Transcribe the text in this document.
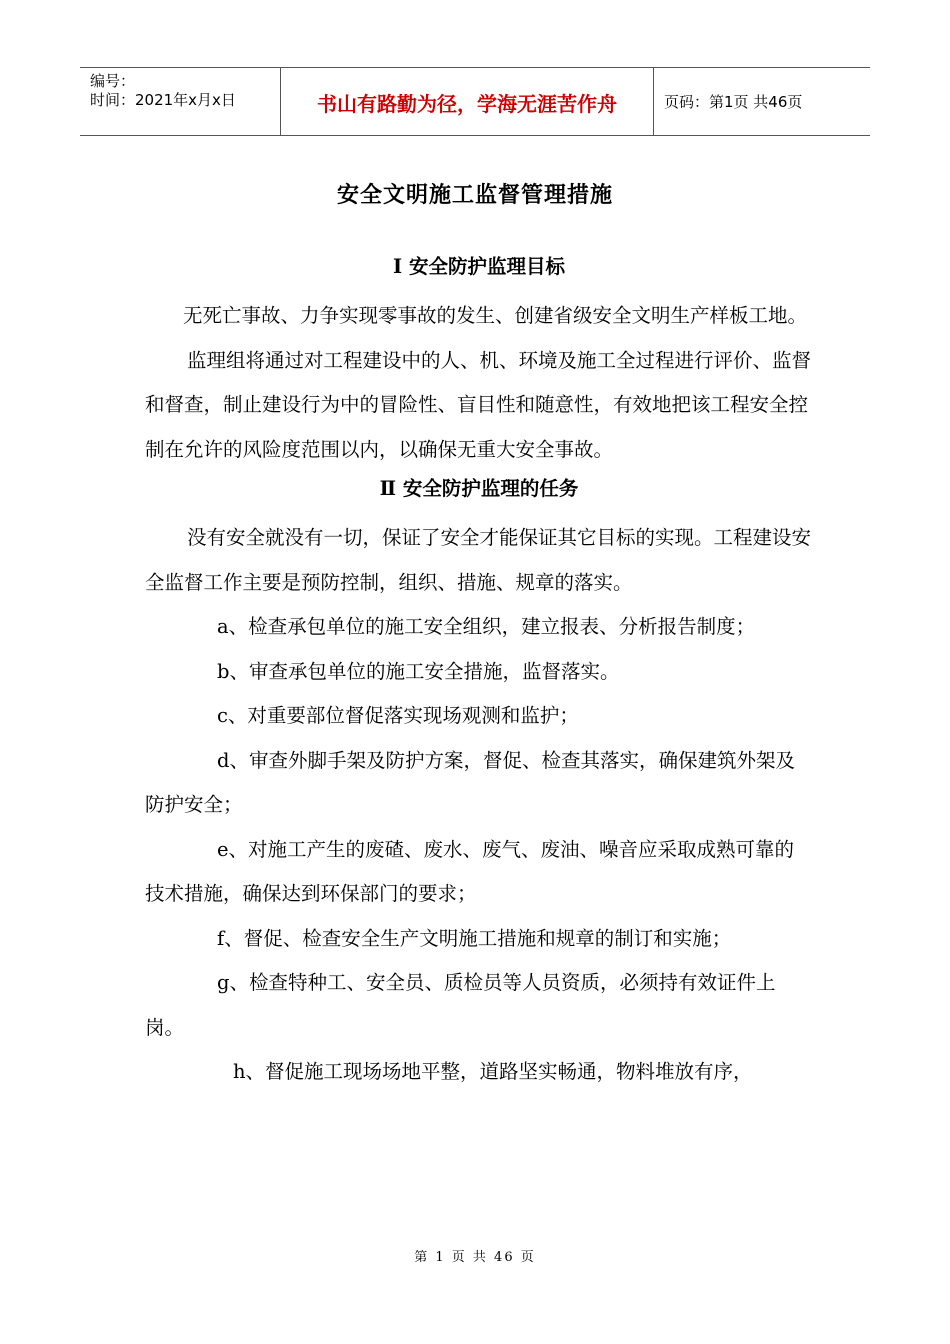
编号：
时间：2021年x月x日	书山有路勤为径，学海无涯苦作舟	页码：第1页 共46页
安全文明施工监督管理措施
Ⅰ 安全防护监理目标

无死亡事故、力争实现零事故的发生、创建省级安全文明生产样板工地。

监理组将通过对工程建设中的人、机、环境及施工全过程进行评价、监督和督查，制止建设行为中的冒险性、盲目性和随意性，有效地把该工程安全控制在允许的风险度范围以内，以确保无重大安全事故。

Ⅱ 安全防护监理的任务

没有安全就没有一切，保证了安全才能保证其它目标的实现。工程建设安全监督工作主要是预防控制，组织、措施、规章的落实。

a、检查承包单位的施工安全组织，建立报表、分析报告制度；

b、审查承包单位的施工安全措施，监督落实。

c、对重要部位督促落实现场观测和监护；

d、审查外脚手架及防护方案，督促、检查其落实，确保建筑外架及防护安全；

e、对施工产生的废碴、废水、废气、废油、噪音应采取成熟可靠的技术措施，确保达到环保部门的要求；

f、督促、检查安全生产文明施工措施和规章的制订和实施；

g、检查特种工、安全员、质检员等人员资质，必须持有效证件上岗。

h、督促施工现场场地平整，道路坚实畅通，物料堆放有序，

第 1 页 共 46 页
